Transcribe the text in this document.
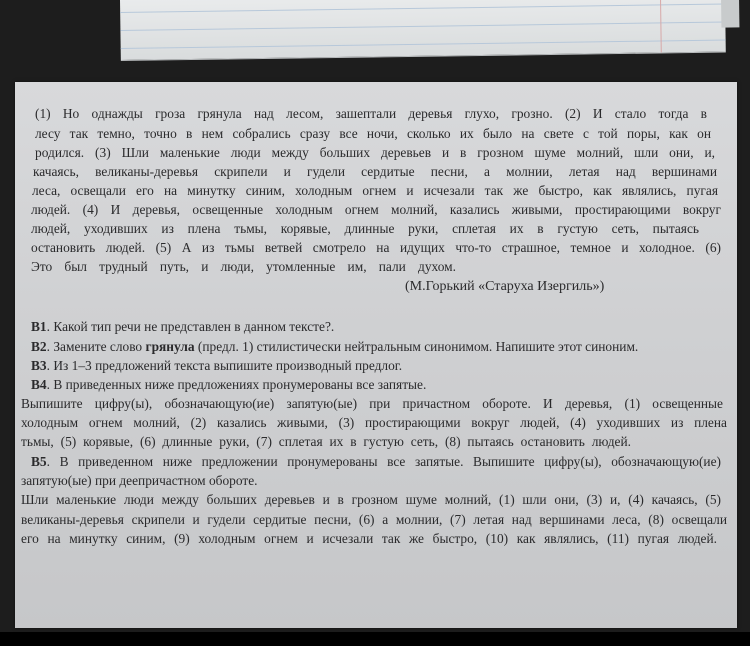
(1) Но однажды гроза грянула над лесом, зашептали деревья глухо, грозно. (2) И стало тогда в
лесу так темно, точно в нем собрались сразу все ночи, сколько их было на свете с той поры, как он
родился. (3) Шли маленькие люди между больших деревьев и в грозном шуме молний, шли они, и,
качаясь, великаны-деревья скрипели и гудели сердитые песни, а молнии, летая над вершинами
леса, освещали его на минутку синим, холодным огнем и исчезали так же быстро, как являлись, пугая
людей. (4) И деревья, освещенные холодным огнем молний, казались живыми, простирающими вокруг
людей, уходивших из плена тьмы, корявые, длинные руки, сплетая их в густую сеть, пытаясь
остановить людей. (5) А из тьмы ветвей смотрело на идущих что-то страшное, темное и холодное. (6)
Это был трудный путь, и люди, утомленные им, пали духом.
(М.Горький «Старуха Изергиль»)
В1. Какой тип речи не представлен в данном тексте?.
В2. Замените слово грянула (предл. 1) стилистически нейтральным синонимом. Напишите этот синоним.
В3. Из 1–3 предложений текста выпишите производный предлог.
В4. В приведенных ниже предложениях пронумерованы все запятые.
Выпишите цифру(ы), обозначающую(ие) запятую(ые) при причастном обороте. И деревья, (1) освещенные
холодным огнем молний, (2) казались живыми, (3) простирающими вокруг людей, (4) уходивших из плена
тьмы, (5) корявые, (6) длинные руки, (7) сплетая их в густую сеть, (8) пытаясь остановить людей.
В5. В приведенном ниже предложении пронумерованы все запятые. Выпишите цифру(ы), обозначающую(ие)
запятую(ые) при деепричастном обороте.
Шли маленькие люди между больших деревьев и в грозном шуме молний, (1) шли они, (3) и, (4) качаясь, (5)
великаны-деревья скрипели и гудели сердитые песни, (6) а молнии, (7) летая над вершинами леса, (8) освещали
его на минутку синим, (9) холодным огнем и исчезали так же быстро, (10) как являлись, (11) пугая людей.
